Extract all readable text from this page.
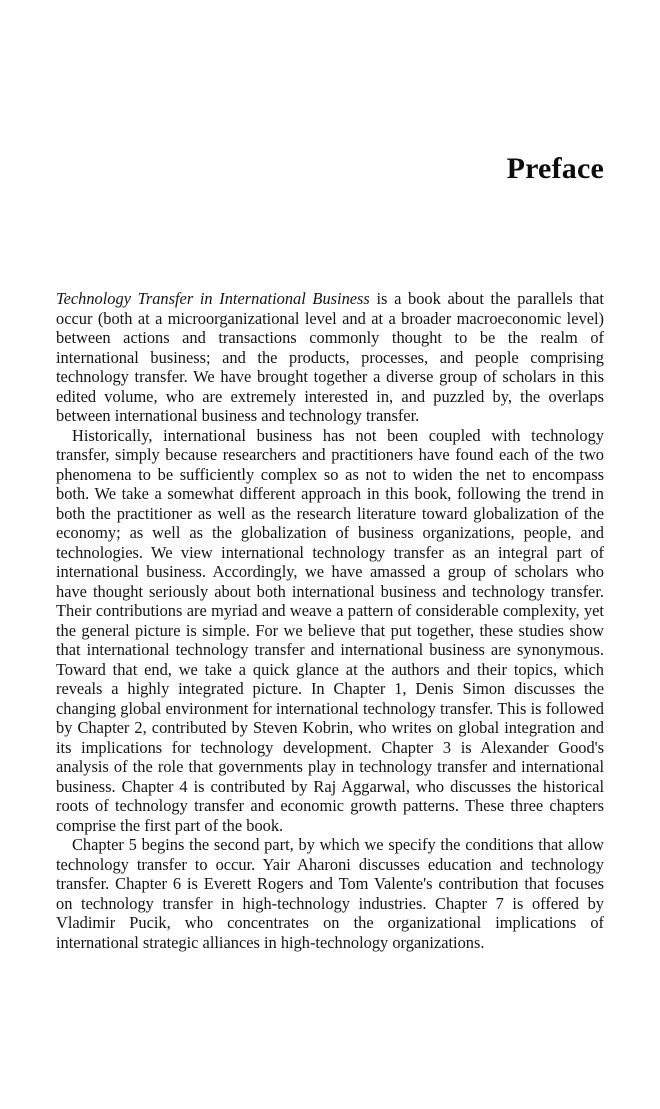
Preface

Technology Transfer in International Business is a book about the parallels that occur (both at a microorganizational level and at a broader macroeconomic level) between actions and transactions commonly thought to be the realm of international business; and the products, processes, and people comprising technology transfer. We have brought together a diverse group of scholars in this edited volume, who are extremely interested in, and puzzled by, the overlaps between international business and technology transfer.

Historically, international business has not been coupled with technology transfer, simply because researchers and practitioners have found each of the two phenomena to be sufficiently complex so as not to widen the net to encompass both. We take a somewhat different approach in this book, following the trend in both the practitioner as well as the research literature toward globalization of the economy; as well as the globalization of business organizations, people, and technologies. We view international technology transfer as an integral part of international business. Accordingly, we have amassed a group of scholars who have thought seriously about both international business and technology transfer. Their contributions are myriad and weave a pattern of considerable complexity, yet the general picture is simple. For we believe that put together, these studies show that international technology transfer and international business are synonymous. Toward that end, we take a quick glance at the authors and their topics, which reveals a highly integrated picture. In Chapter 1, Denis Simon discusses the changing global environment for international technology transfer. This is followed by Chapter 2, contributed by Steven Kobrin, who writes on global integration and its implications for technology development. Chapter 3 is Alexander Good's analysis of the role that governments play in technology transfer and international business. Chapter 4 is contributed by Raj Aggarwal, who discusses the historical roots of technology transfer and economic growth patterns. These three chapters comprise the first part of the book.

Chapter 5 begins the second part, by which we specify the conditions that allow technology transfer to occur. Yair Aharoni discusses education and technology transfer. Chapter 6 is Everett Rogers and Tom Valente's contribution that focuses on technology transfer in high-technology industries. Chapter 7 is offered by Vladimir Pucik, who concentrates on the organizational implications of international strategic alliances in high-technology organizations.
